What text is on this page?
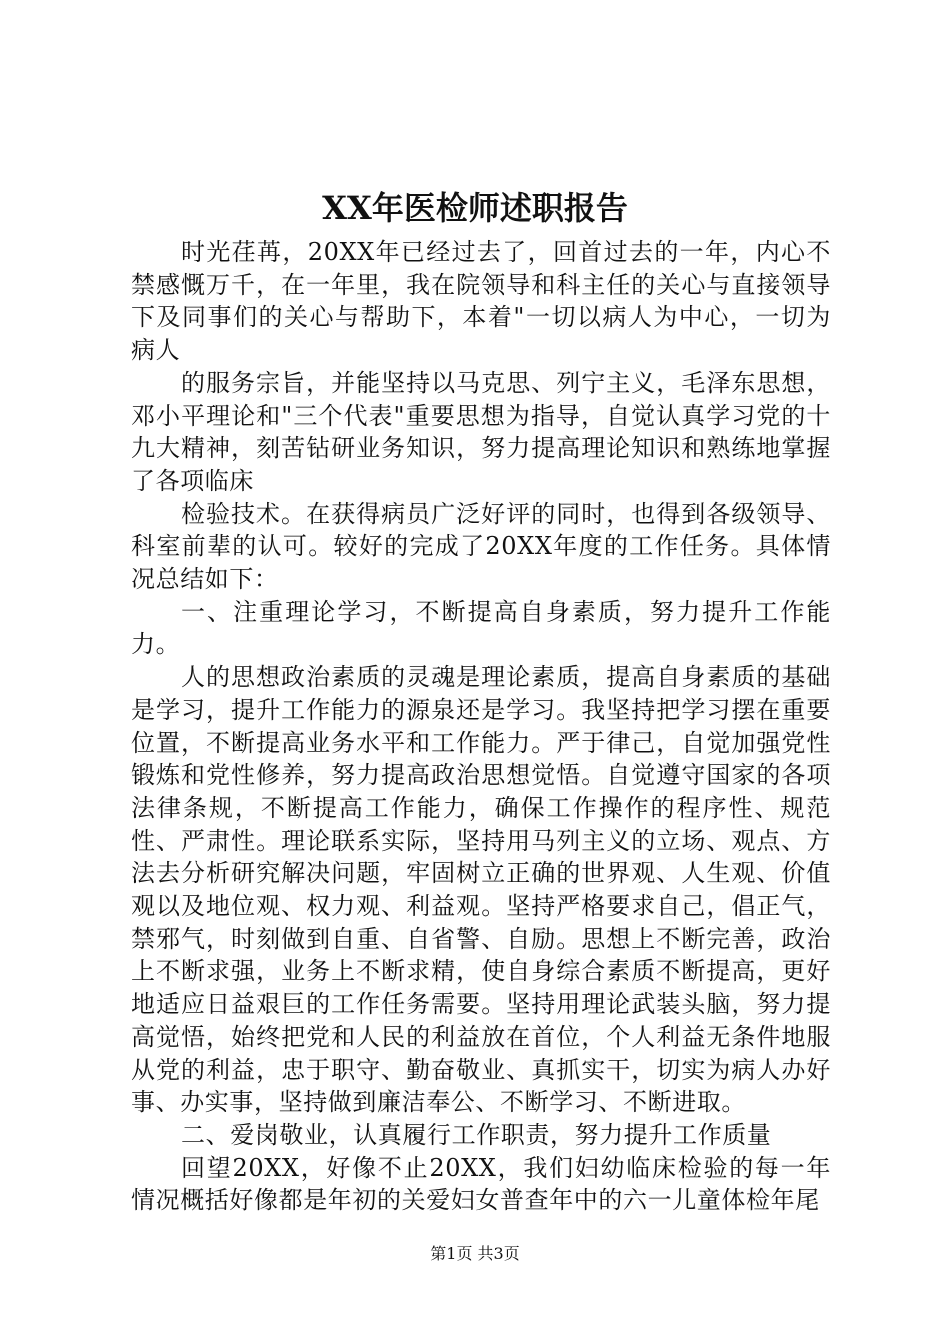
XX年医检师述职报告

时光荏苒，20XX年已经过去了，回首过去的一年，内心不禁感慨万千，在一年里，我在院领导和科主任的关心与直接领导下及同事们的关心与帮助下，本着"一切以病人为中心，一切为病人

的服务宗旨，并能坚持以马克思、列宁主义，毛泽东思想，邓小平理论和"三个代表"重要思想为指导，自觉认真学习党的十九大精神，刻苦钻研业务知识，努力提高理论知识和熟练地掌握了各项临床

检验技术。在获得病员广泛好评的同时，也得到各级领导、科室前辈的认可。较好的完成了20XX年度的工作任务。具体情况总结如下：

一、注重理论学习，不断提高自身素质，努力提升工作能力。

人的思想政治素质的灵魂是理论素质，提高自身素质的基础是学习，提升工作能力的源泉还是学习。我坚持把学习摆在重要位置，不断提高业务水平和工作能力。严于律己，自觉加强党性锻炼和党性修养，努力提高政治思想觉悟。自觉遵守国家的各项法律条规，不断提高工作能力，确保工作操作的程序性、规范性、严肃性。理论联系实际，坚持用马列主义的立场、观点、方法去分析研究解决问题，牢固树立正确的世界观、人生观、价值观以及地位观、权力观、利益观。坚持严格要求自己，倡正气，禁邪气，时刻做到自重、自省警、自励。思想上不断完善，政治上不断求强，业务上不断求精，使自身综合素质不断提高，更好地适应日益艰巨的工作任务需要。坚持用理论武装头脑，努力提高觉悟，始终把党和人民的利益放在首位，个人利益无条件地服从党的利益，忠于职守、勤奋敬业、真抓实干，切实为病人办好事、办实事，坚持做到廉洁奉公、不断学习、不断进取。

二、爱岗敬业，认真履行工作职责，努力提升工作质量

回望20XX，好像不止20XX，我们妇幼临床检验的每一年情况概括好像都是年初的关爱妇女普查年中的六一儿童体检年尾

第1页 共3页
